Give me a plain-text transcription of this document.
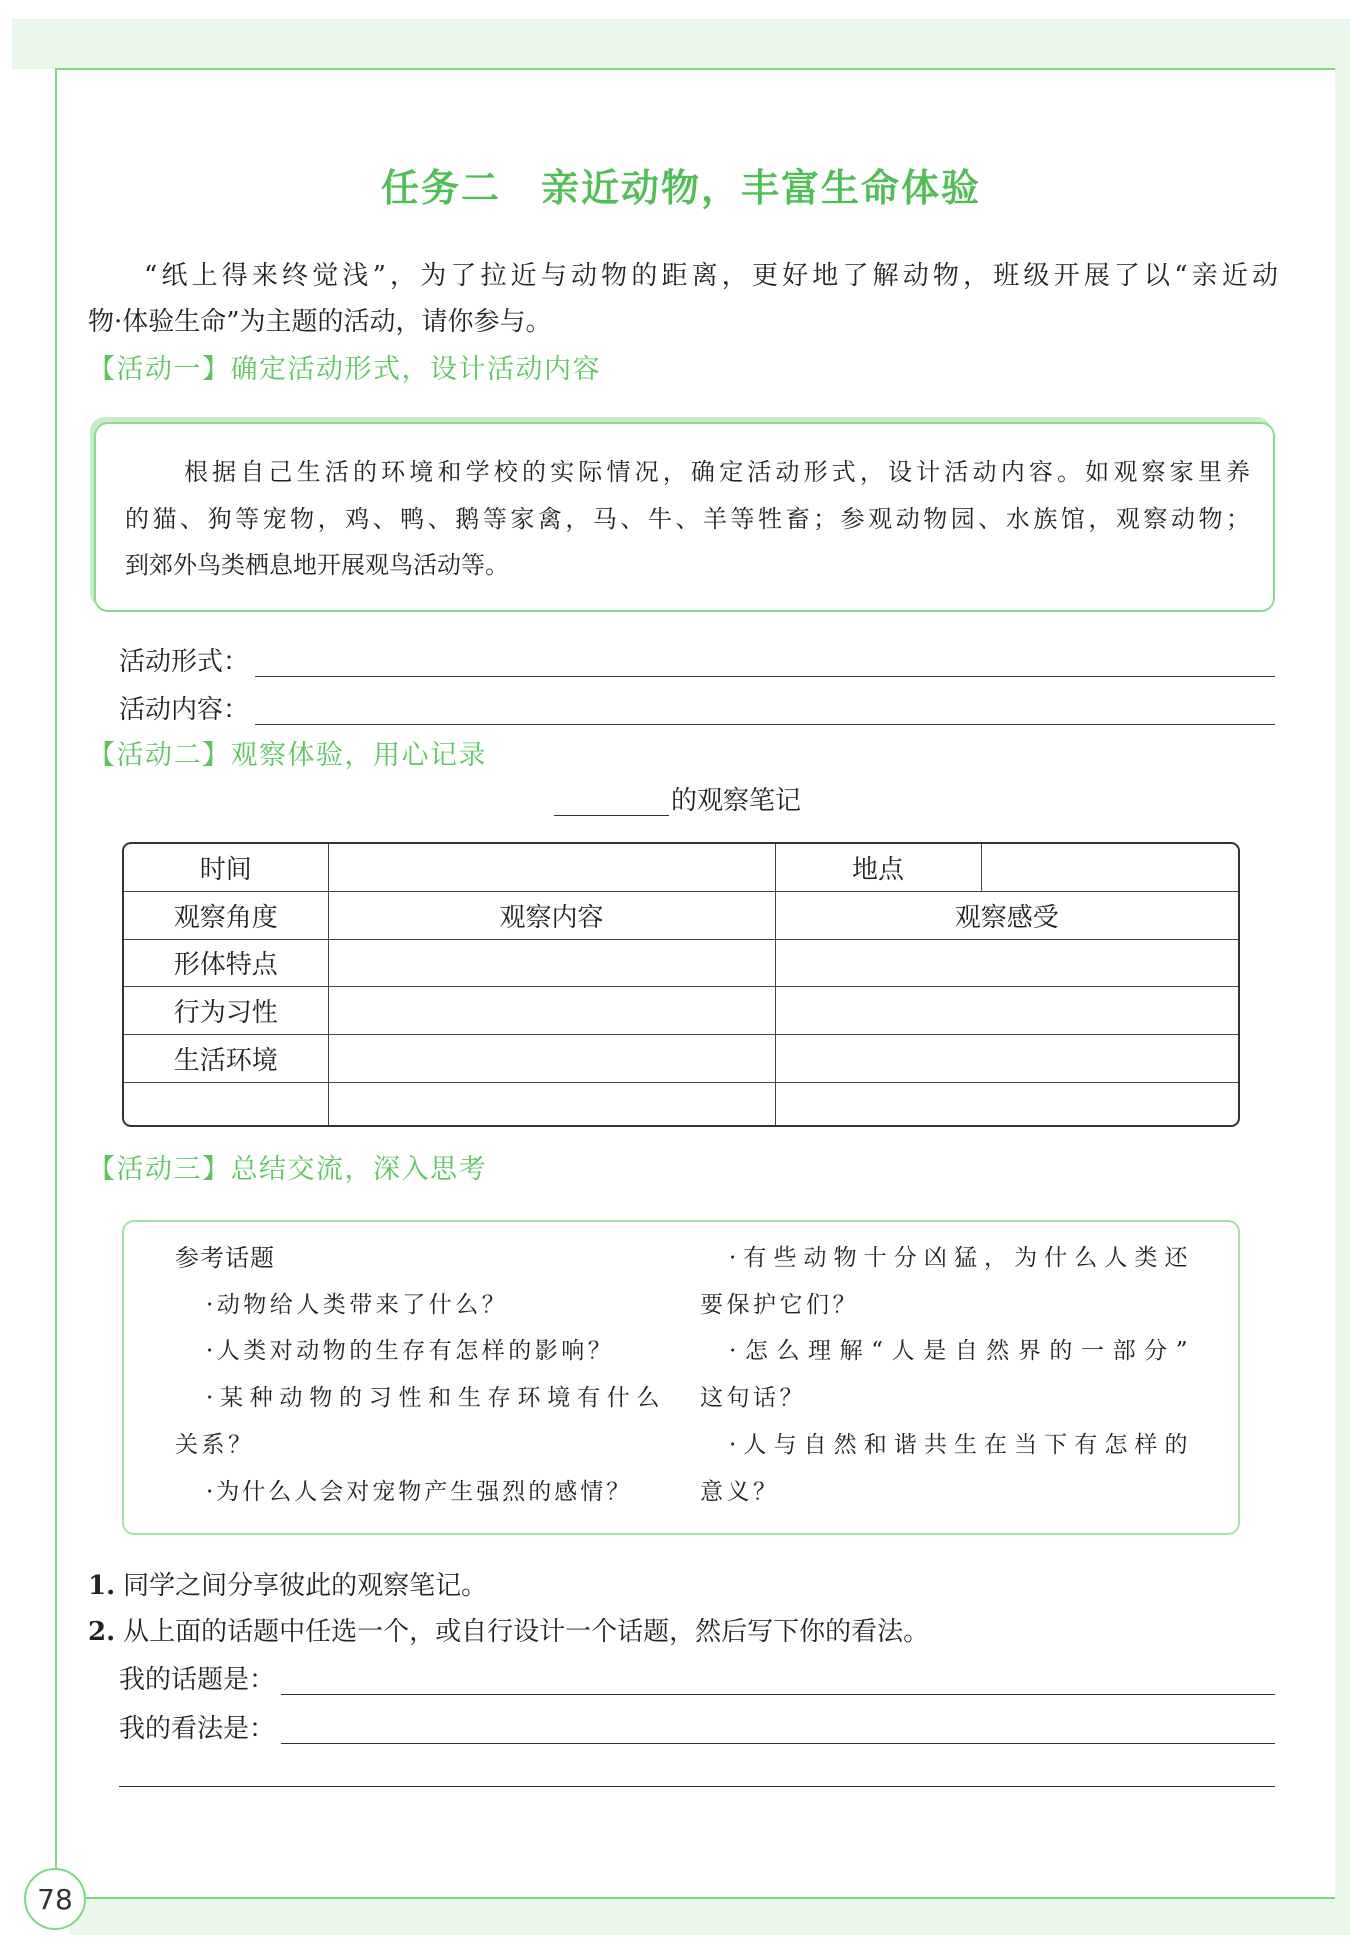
78
任务二　亲近动物，丰富生命体验
“纸上得来终觉浅”，为了拉近与动物的距离，更好地了解动物，班级开展了以“亲近动
物·体验生命”为主题的活动，请你参与。
【活动一】确定活动形式，设计活动内容
根据自己生活的环境和学校的实际情况，确定活动形式，设计活动内容。如观察家里养
的猫、狗等宠物，鸡、鸭、鹅等家禽，马、牛、羊等牲畜；参观动物园、水族馆，观察动物；
到郊外鸟类栖息地开展观鸟活动等。
活动形式：
活动内容：
【活动二】观察体验，用心记录
的观察笔记
时间		地点	
观察角度	观察内容	观察感受	
形体特点			
行为习性			
生活环境			

【活动三】总结交流，深入思考
参考话题
·动物给人类带来了什么？
·人类对动物的生存有怎样的影响？
·某种动物的习性和生存环境有什么
关系？
·为什么人会对宠物产生强烈的感情？
·有些动物十分凶猛，为什么人类还
要保护它们？
·怎么理解“人是自然界的一部分”
这句话？
·人与自然和谐共生在当下有怎样的
意义？
1. 同学之间分享彼此的观察笔记。
2. 从上面的话题中任选一个，或自行设计一个话题，然后写下你的看法。
我的话题是：
我的看法是：
